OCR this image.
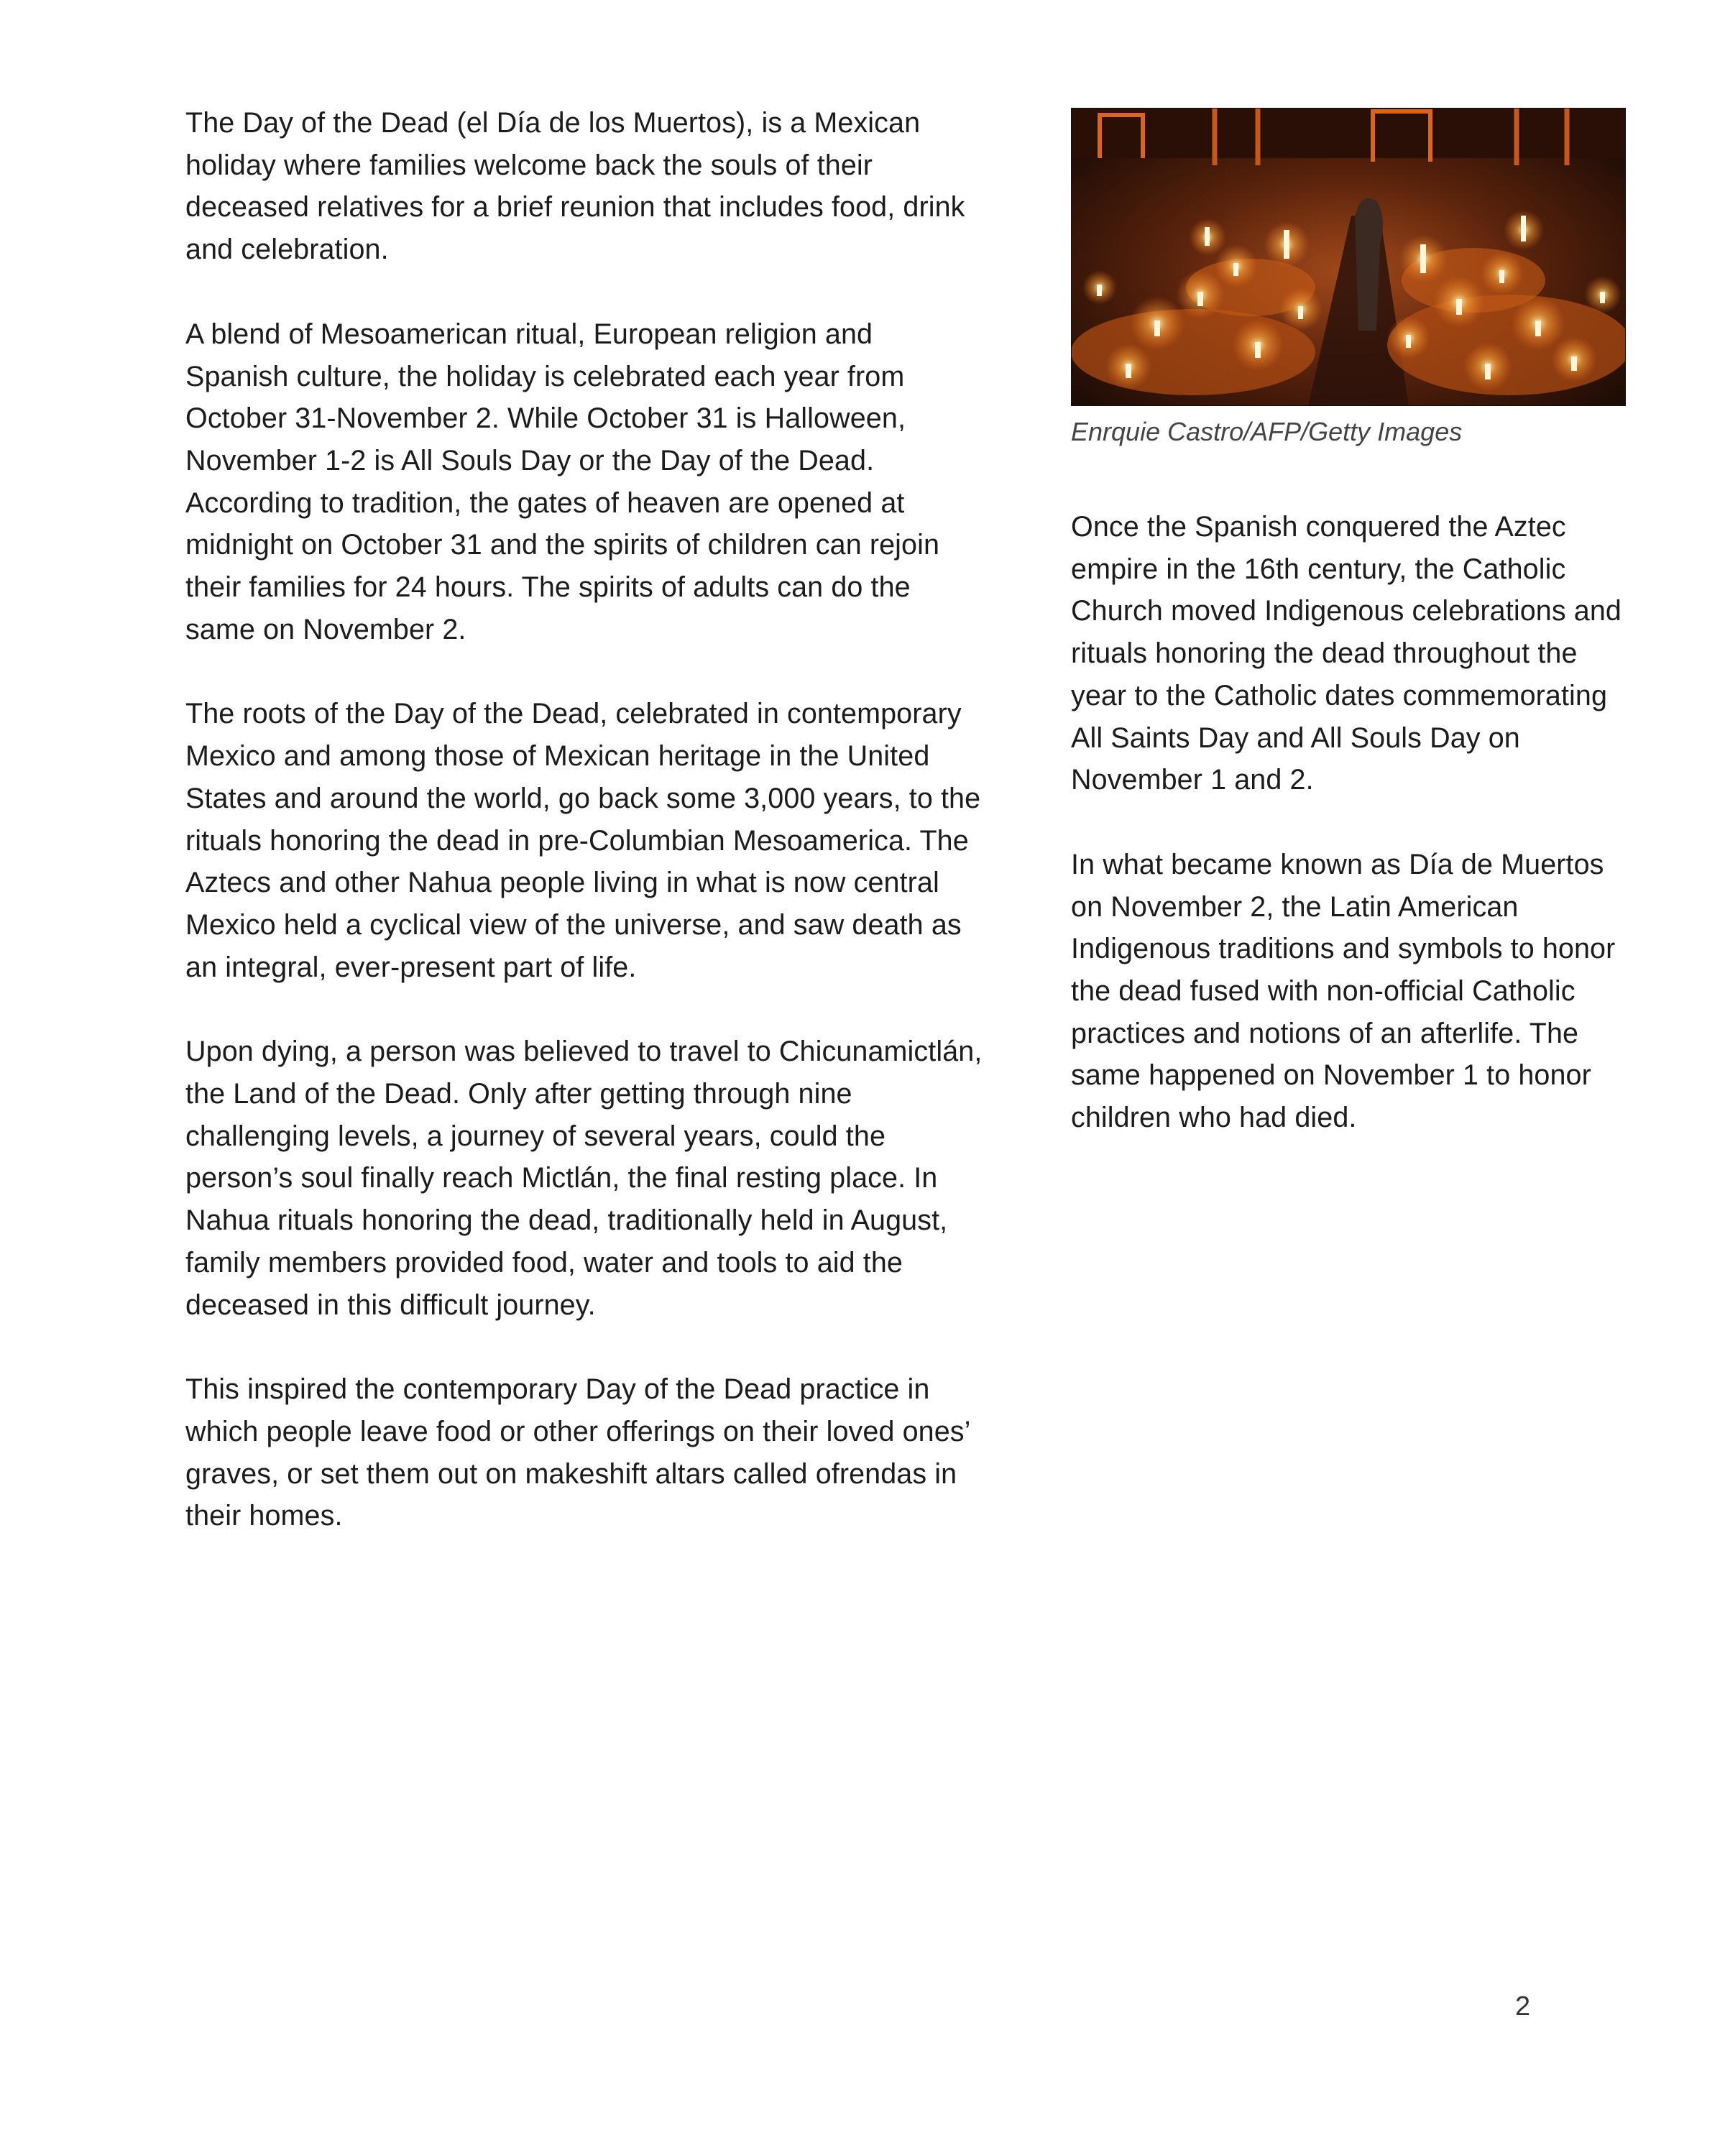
The Day of the Dead (el Día de los Muertos), is a Mexican holiday where families welcome back the souls of their deceased relatives for a brief reunion that includes food, drink and celebration.

A blend of Mesoamerican ritual, European religion and Spanish culture, the holiday is celebrated each year from October 31-November 2. While October 31 is Halloween, November 1-2 is All Souls Day or the Day of the Dead. According to tradition, the gates of heaven are opened at midnight on October 31 and the spirits of children can rejoin their families for 24 hours. The spirits of adults can do the same on November 2.

The roots of the Day of the Dead, celebrated in contemporary Mexico and among those of Mexican heritage in the United States and around the world, go back some 3,000 years, to the rituals honoring the dead in pre-Columbian Mesoamerica. The Aztecs and other Nahua people living in what is now central Mexico held a cyclical view of the universe, and saw death as an integral, ever-present part of life.

Upon dying, a person was believed to travel to Chicunamictlán, the Land of the Dead. Only after getting through nine challenging levels, a journey of several years, could the person’s soul finally reach Mictlán, the final resting place. In Nahua rituals honoring the dead, traditionally held in August, family members provided food, water and tools to aid the deceased in this difficult journey.

This inspired the contemporary Day of the Dead practice in which people leave food or other offerings on their loved ones’ graves, or set them out on makeshift altars called ofrendas in their homes.

Enrquie Castro/AFP/Getty Images

Once the Spanish conquered the Aztec empire in the 16th century, the Catholic Church moved Indigenous celebrations and rituals honoring the dead throughout the year to the Catholic dates commemorating All Saints Day and All Souls Day on November 1 and 2.

In what became known as Día de Muertos on November 2, the Latin American Indigenous traditions and symbols to honor the dead fused with non-official Catholic practices and notions of an afterlife. The same happened on November 1 to honor children who had died.

2
